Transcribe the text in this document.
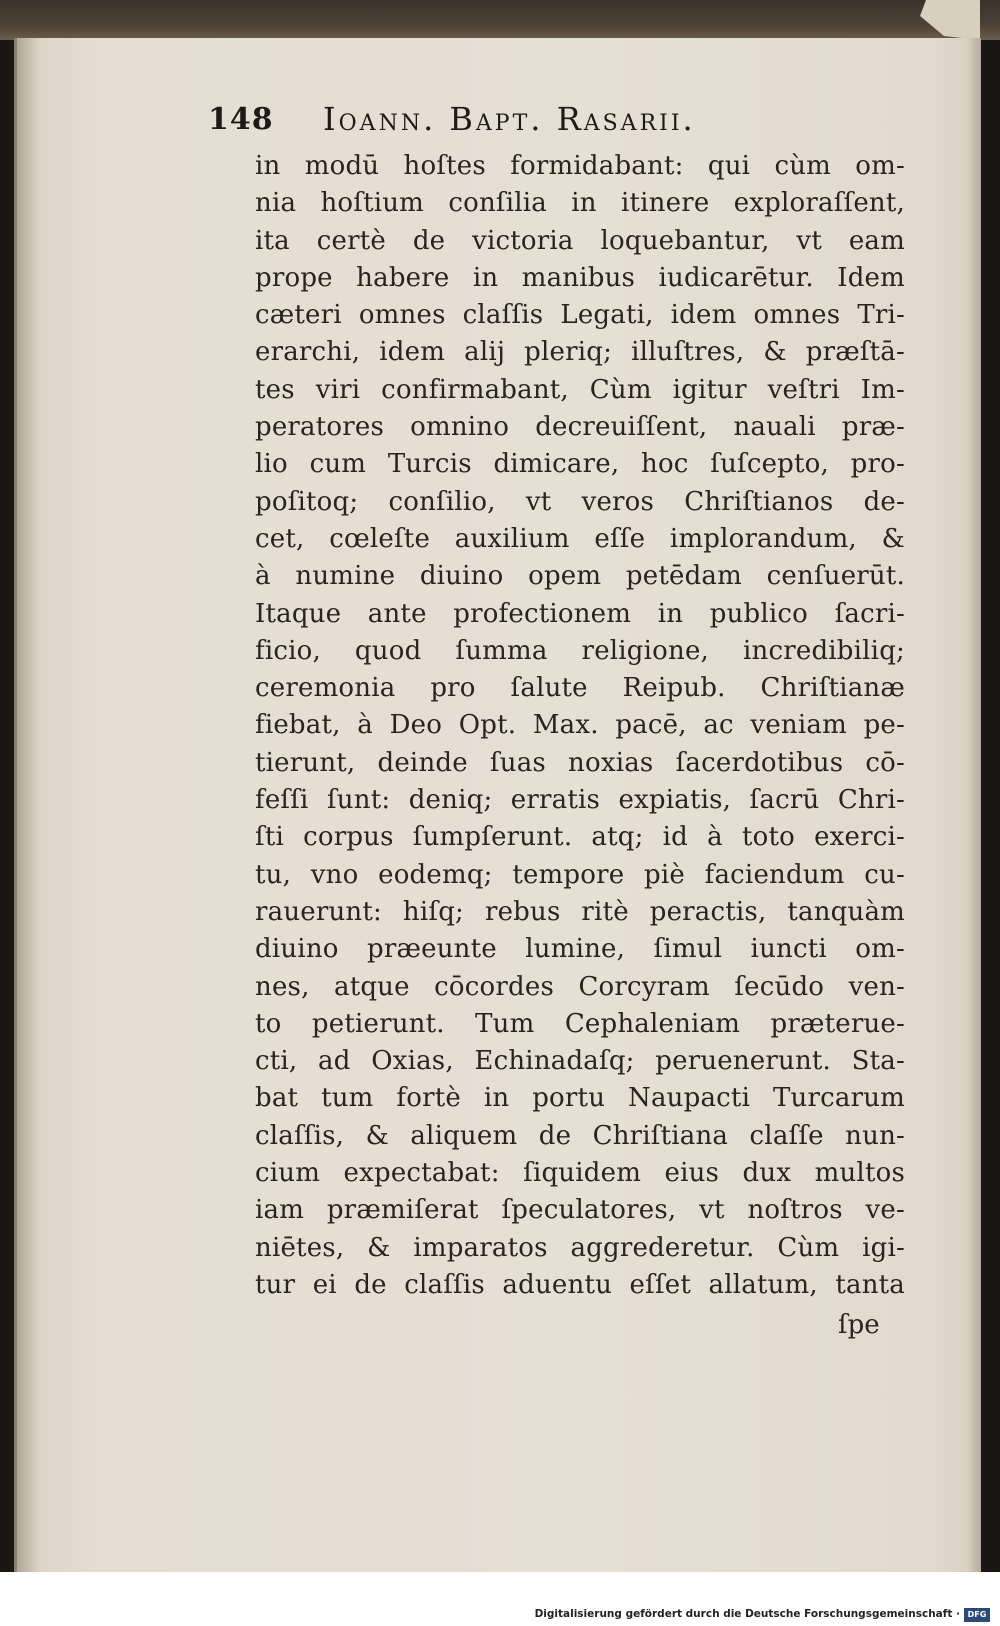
148 Ioann. Bapt. Rasarii.
in modū hoſtes formidabant: qui cùm om-
nia hoſtium conſilia in itinere exploraſſent,
ita certè de victoria loquebantur, vt eam
prope habere in manibus iudicarētur. Idem
cæteri omnes claſſis Legati, idem omnes Tri-
erarchi, idem alij pleriq; illuſtres, & præſtā-
tes viri confirmabant, Cùm igitur veſtri Im-
peratores omnino decreuiſſent, nauali præ-
lio cum Turcis dimicare, hoc ſuſcepto, pro-
poſitoq; conſilio, vt veros Chriſtianos de-
cet, cœleſte auxilium eſſe implorandum, &
à numine diuino opem petēdam cenſuerūt.
Itaque ante profectionem in publico ſacri-
ficio, quod ſumma religione, incredibiliq;
ceremonia pro ſalute Reipub. Chriſtianæ
fiebat, à Deo Opt. Max. pacē, ac veniam pe-
tierunt, deinde ſuas noxias ſacerdotibus cō-
feſſi ſunt: deniq; erratis expiatis, ſacrū Chri-
ſti corpus ſumpſerunt. atq; id à toto exerci-
tu, vno eodemq; tempore piè faciendum cu-
rauerunt: hiſq; rebus ritè peractis, tanquàm
diuino præeunte lumine, ſimul iuncti om-
nes, atque cōcordes Corcyram ſecūdo ven-
to petierunt. Tum Cephaleniam præterue-
cti, ad Oxias, Echinadaſq; peruenerunt. Sta-
bat tum fortè in portu Naupacti Turcarum
claſſis, & aliquem de Chriſtiana claſſe nun-
cium expectabat: ſiquidem eius dux multos
iam præmiſerat ſpeculatores, vt noſtros ve-
niētes, & imparatos aggrederetur. Cùm igi-
tur ei de claſſis aduentu eſſet allatum, tanta
ſpe
Digitalisierung gefördert durch die Deutsche Forschungsgemeinschaft · DFG
